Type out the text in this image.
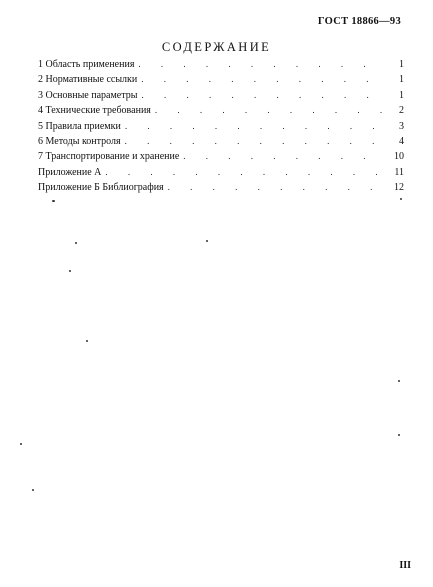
ГОСТ 18866—93
СОДЕРЖАНИЕ
1 Область применения . . .	1
2 Нормативные ссылки . . .	1
3 Основные параметры . . .	1
4 Технические требования . . .	2
5 Правила приемки . . .	3
6 Методы контроля . . .	4
7 Транспортирование и хранение . . .	10
Приложение А . . .	11
Приложение Б Библиография . . .	12
III
